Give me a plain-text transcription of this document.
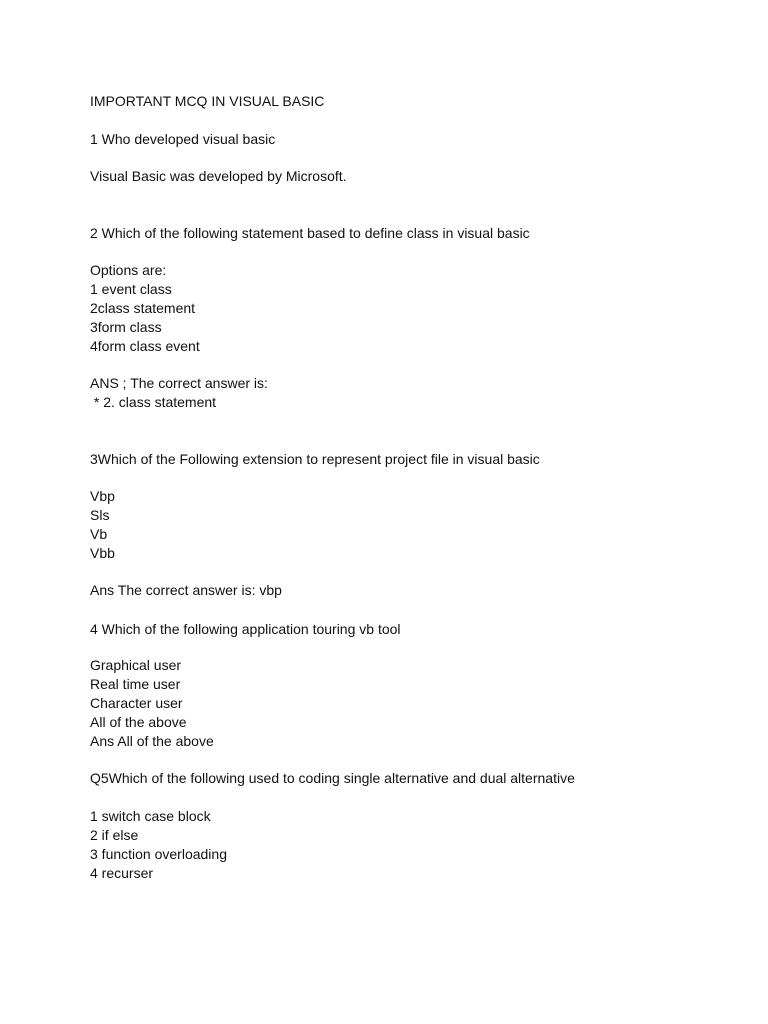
IMPORTANT MCQ IN VISUAL BASIC

1 Who developed visual basic

Visual Basic was developed by Microsoft.

2 Which of the following statement based to define class in visual basic

Options are:

1 event class

2class statement

3form class

4form class event

ANS ; The correct answer is:

* 2. class statement

3Which of the Following extension to represent project file in visual basic

Vbp

Sls

Vb

Vbb

Ans The correct answer is: vbp

4 Which of the following application touring vb tool

Graphical user

Real time user

Character user

All of the above

Ans All of the above

Q5Which of the following used to coding single alternative and dual alternative

1 switch case block

2 if else

3 function overloading

4 recurser
